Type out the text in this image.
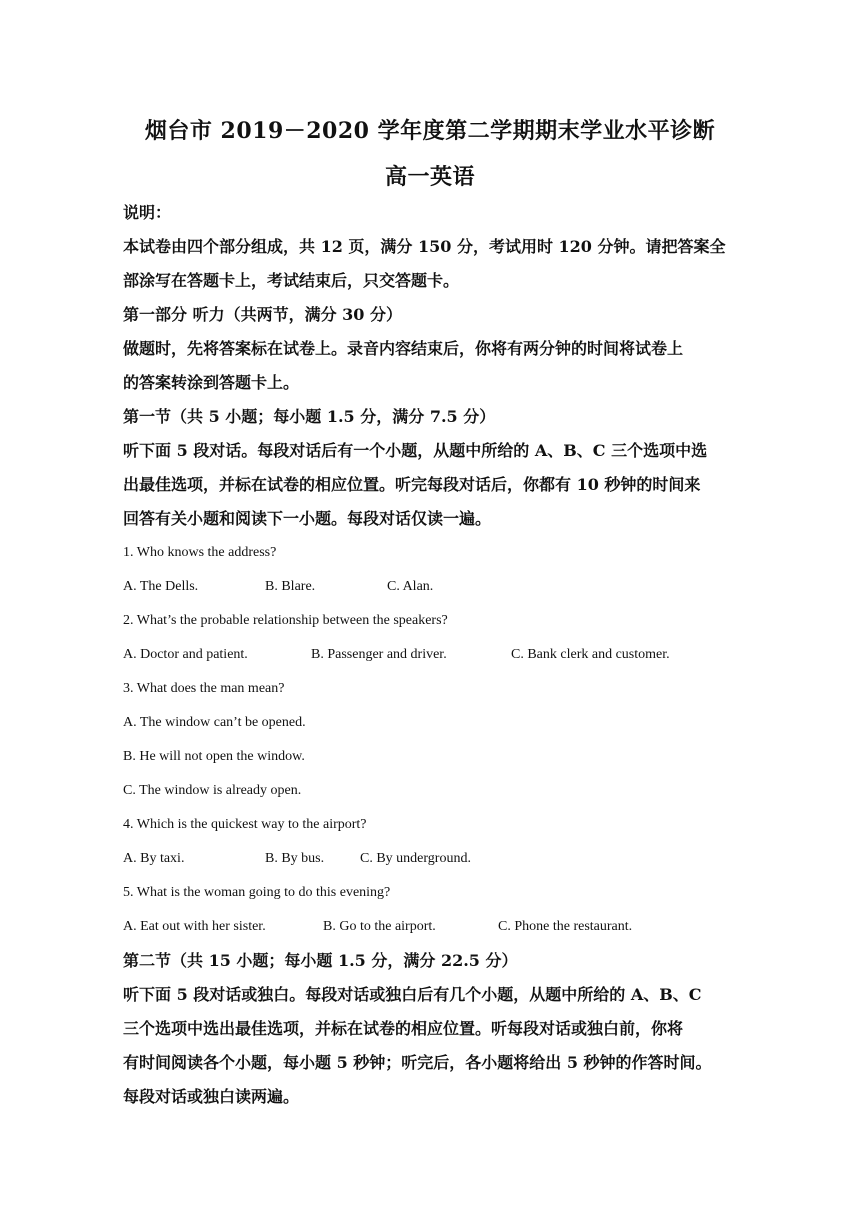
烟台市 2019－2020 学年度第二学期期末学业水平诊断
高一英语

说明：

本试卷由四个部分组成，共 12 页，满分 150 分，考试用时 120 分钟。请把答案全

部涂写在答题卡上，考试结束后，只交答题卡。

第一部分 听力（共两节，满分 30 分）

做题时，先将答案标在试卷上。录音内容结束后，你将有两分钟的时间将试卷上

的答案转涂到答题卡上。

第一节（共 5 小题；每小题 1.5 分，满分 7.5 分）

听下面 5 段对话。每段对话后有一个小题，从题中所给的 A、B、C 三个选项中选

出最佳选项，并标在试卷的相应位置。听完每段对话后，你都有 10 秒钟的时间来

回答有关小题和阅读下一小题。每段对话仅读一遍。

1. Who knows the address?

A. The Dells.	B. Blare.	C. Alan.

2. What’s the probable relationship between the speakers?

A. Doctor and patient.	B. Passenger and driver.	C. Bank clerk and customer.

3. What does the man mean?

A. The window can’t be opened.

B. He will not open the window.

C. The window is already open.

4. Which is the quickest way to the airport?

A. By taxi.	B. By bus.	C. By underground.

5. What is the woman going to do this evening?

A. Eat out with her sister.	B. Go to the airport.	C. Phone the restaurant.

第二节（共 15 小题；每小题 1.5 分，满分 22.5 分）

听下面 5 段对话或独白。每段对话或独白后有几个小题，从题中所给的 A、B、C

三个选项中选出最佳选项，并标在试卷的相应位置。听每段对话或独白前，你将

有时间阅读各个小题，每小题 5 秒钟；听完后，各小题将给出 5 秒钟的作答时间。

每段对话或独白读两遍。
